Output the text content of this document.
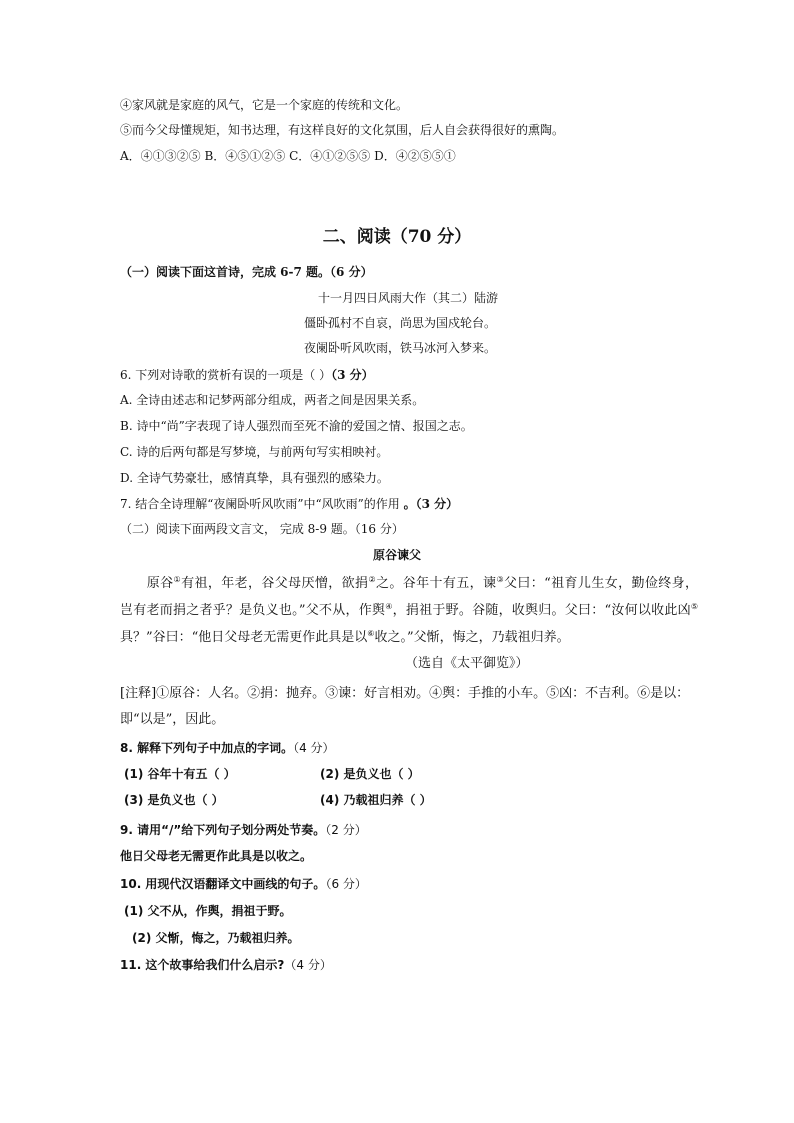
④家风就是家庭的风气，它是一个家庭的传统和文化。
⑤而今父母懂规矩，知书达理，有这样良好的文化氛围，后人自会获得很好的熏陶。
A．④①③②⑤ B．④⑤①②⑤ C．④①②⑤⑤ D．④②⑤⑤①
二、阅读（70 分）
（一）阅读下面这首诗，完成 6-7 题。（6 分）
十一月四日风雨大作（其二）陆游
僵卧孤村不自哀，尚思为国戍轮台。
夜阑卧听风吹雨，铁马冰河入梦来。
6. 下列对诗歌的赏析有误的一项是（ ）（3 分）
A. 全诗由述志和记梦两部分组成，两者之间是因果关系。
B. 诗中“尚”字表现了诗人强烈而至死不渝的爱国之情、报国之志。
C. 诗的后两句都是写梦境，与前两句写实相映衬。
D. 全诗气势豪壮，感情真挚，具有强烈的感染力。
7. 结合全诗理解“夜阑卧听风吹雨”中“风吹雨”的作用 。（3 分）
（二）阅读下面两段文言文， 完成 8-9 题。（16 分）
原谷谏父
　　原谷①有祖，年老，谷父母厌憎，欲捐②之。谷年十有五，谏③父曰：“祖育儿生女，勤俭终身，
岂有老而捐之者乎？是负义也。”父不从，作舆④，捐祖于野。谷随，收舆归。父曰：“汝何以收此凶⑤
具？”谷曰：“他日父母老无需更作此具是以⑥收之。”父惭，悔之，乃载祖归养。
（选自《太平御览》）
[注释]①原谷：人名。②捐：抛弃。③谏：好言相劝。④舆：手推的小车。⑤凶：不吉利。⑥是以：
即“以是”，因此。
8. 解释下列句子中加点的字词。（4 分）
(1) 谷年十有五（ ）	(2) 是负义也（ ）
(3) 是负义也（ ）	(4) 乃载祖归养（ ）
9. 请用“/”给下列句子划分两处节奏。（2 分）
他日父母老无需更作此具是以收之。
10. 用现代汉语翻译文中画线的句子。（6 分）
(1) 父不从，作舆，捐祖于野。
(2) 父惭，悔之，乃载祖归养。
11. 这个故事给我们什么启示?（4 分）
